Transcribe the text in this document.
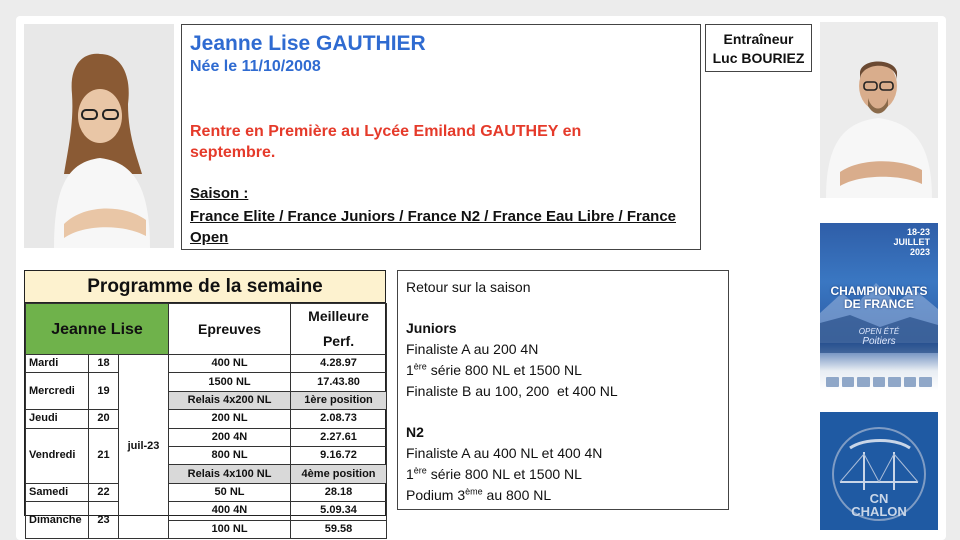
Jeanne Lise GAUTHIER
Née le 11/10/2008
Rentre en Première au Lycée Emiland GAUTHEY en septembre.
Saison :
France Elite / France Juniors / France N2 / France Eau Libre / France Open
Entraîneur
Luc BOURIEZ
Programme de la semaine
Jeanne Lise			Epreuves	Meilleure Perf.
Mardi	18	juil-23	400 NL	4.28.97
Mercredi	19		1500 NL	17.43.80
			Relais 4x200 NL	1ère position
Jeudi	20		200 NL	2.08.73
Vendredi	21		200 4N	2.27.61
			800 NL	9.16.72
			Relais 4x100 NL	4ème position
Samedi	22		50 NL	28.18
Dimanche	23		400 4N	5.09.34
			100 NL	59.58
Retour sur la saison
Juniors
Finaliste A au 200 4N
1ère série 800 NL et 1500 NL
Finaliste B au 100, 200  et 400 NL
N2
Finaliste A au 400 NL et 400 4N
1ère série 800 NL et 1500 NL
Podium 3ème au 800 NL
18-23
JUILLET
2023
CHAMPIONNATS
DE FRANCE
OPEN ÉTÉ
Poitiers
CN
CHALON
